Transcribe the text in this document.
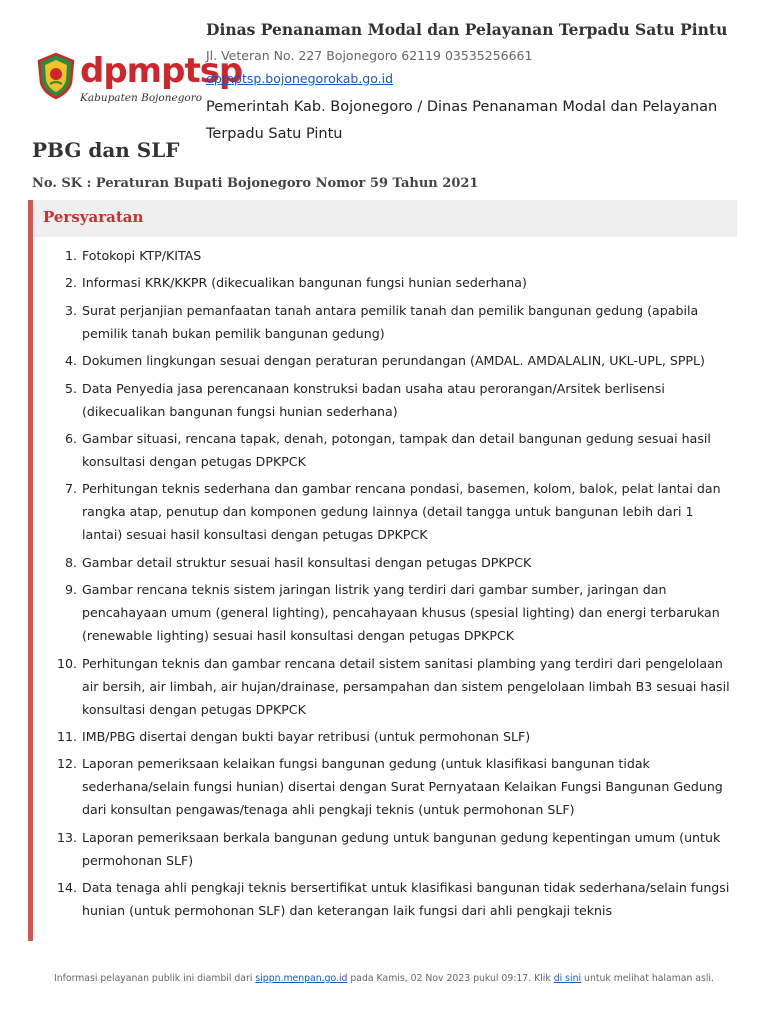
dpmptsp
Kabupaten Bojonegoro
Dinas Penanaman Modal dan Pelayanan Terpadu Satu Pintu
Jl. Veteran No. 227 Bojonegoro 62119 03535256661
dpmptsp.bojonegorokab.go.id
Pemerintah Kab. Bojonegoro / Dinas Penanaman Modal dan Pelayanan Terpadu Satu Pintu
PBG dan SLF
No. SK : Peraturan Bupati Bojonegoro Nomor 59 Tahun 2021
Persyaratan
1. Fotokopi KTP/KITAS
2. Informasi KRK/KKPR (dikecualikan bangunan fungsi hunian sederhana)
3. Surat perjanjian pemanfaatan tanah antara pemilik tanah dan pemilik bangunan gedung (apabila pemilik tanah bukan pemilik bangunan gedung)
4. Dokumen lingkungan sesuai dengan peraturan perundangan (AMDAL. AMDALALIN, UKL-UPL, SPPL)
5. Data Penyedia jasa perencanaan konstruksi badan usaha atau perorangan/Arsitek berlisensi (dikecualikan bangunan fungsi hunian sederhana)
6. Gambar situasi, rencana tapak, denah, potongan, tampak dan detail bangunan gedung sesuai hasil konsultasi dengan petugas DPKPCK
7. Perhitungan teknis sederhana dan gambar rencana pondasi, basemen, kolom, balok, pelat lantai dan rangka atap, penutup dan komponen gedung lainnya (detail tangga untuk bangunan lebih dari 1 lantai) sesuai hasil konsultasi dengan petugas DPKPCK
8. Gambar detail struktur sesuai hasil konsultasi dengan petugas DPKPCK
9. Gambar rencana teknis sistem jaringan listrik yang terdiri dari gambar sumber, jaringan dan pencahayaan umum (general lighting), pencahayaan khusus (spesial lighting) dan energi terbarukan (renewable lighting) sesuai hasil konsultasi dengan petugas DPKPCK
10. Perhitungan teknis dan gambar rencana detail sistem sanitasi plambing yang terdiri dari pengelolaan air bersih, air limbah, air hujan/drainase, persampahan dan sistem pengelolaan limbah B3 sesuai hasil konsultasi dengan petugas DPKPCK
11. IMB/PBG disertai dengan bukti bayar retribusi (untuk permohonan SLF)
12. Laporan pemeriksaan kelaikan fungsi bangunan gedung (untuk klasifikasi bangunan tidak sederhana/selain fungsi hunian) disertai dengan Surat Pernyataan Kelaikan Fungsi Bangunan Gedung dari konsultan pengawas/tenaga ahli pengkaji teknis (untuk permohonan SLF)
13. Laporan pemeriksaan berkala bangunan gedung untuk bangunan gedung kepentingan umum (untuk permohonan SLF)
14. Data tenaga ahli pengkaji teknis bersertifikat untuk klasifikasi bangunan tidak sederhana/selain fungsi hunian (untuk permohonan SLF) dan keterangan laik fungsi dari ahli pengkaji teknis
Informasi pelayanan publik ini diambil dari sippn.menpan.go.id pada Kamis, 02 Nov 2023 pukul 09:17. Klik di sini untuk melihat halaman asli.
